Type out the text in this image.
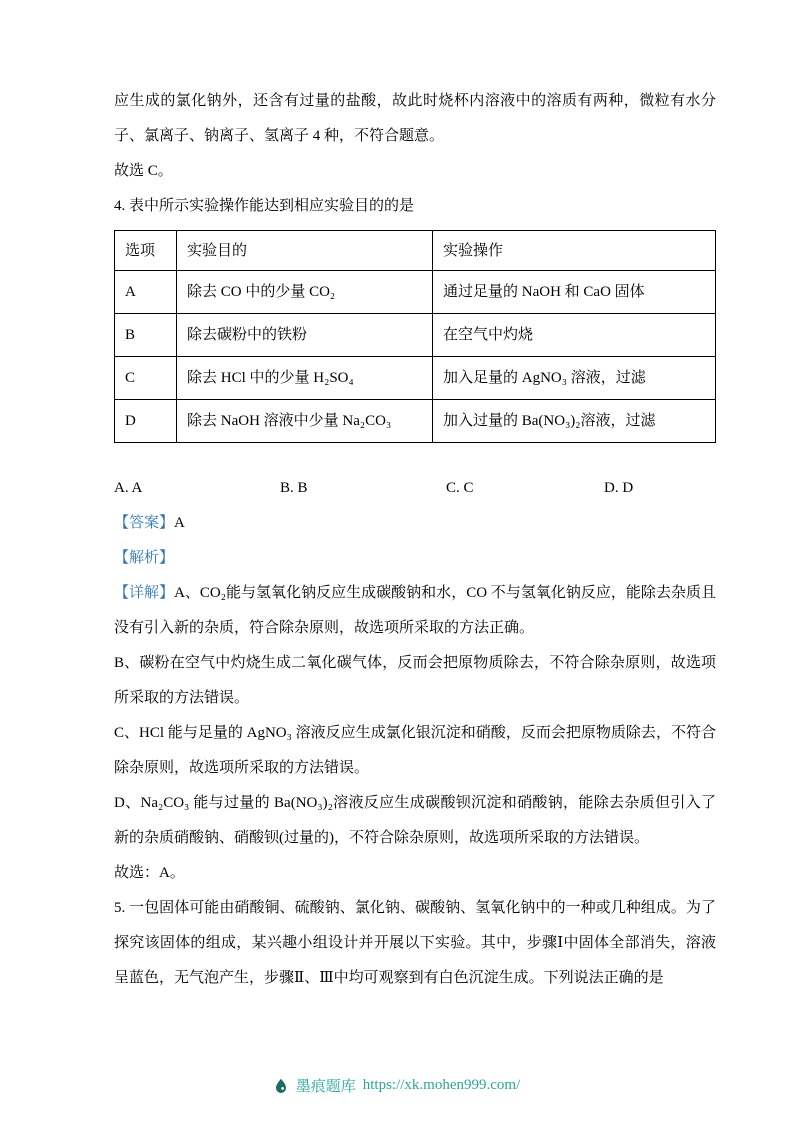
应生成的氯化钠外，还含有过量的盐酸，故此时烧杯内溶液中的溶质有两种，微粒有水分子、氯离子、钠离子、氢离子 4 种，不符合题意。

故选 C。

4. 表中所示实验操作能达到相应实验目的的是

选项	实验目的	实验操作
A	除去 CO 中的少量 CO₂	通过足量的 NaOH 和 CaO 固体
B	除去碳粉中的铁粉	在空气中灼烧
C	除去 HCl 中的少量 H₂SO₄	加入足量的 AgNO₃ 溶液，过滤
D	除去 NaOH 溶液中少量 Na₂CO₃	加入过量的 Ba(NO₃)₂溶液，过滤
A. A	B. B	C. C	D. D

【答案】A

【解析】

【详解】A、CO₂能与氢氧化钠反应生成碳酸钠和水，CO 不与氢氧化钠反应，能除去杂质且没有引入新的杂质，符合除杂原则，故选项所采取的方法正确。

B、碳粉在空气中灼烧生成二氧化碳气体，反而会把原物质除去，不符合除杂原则，故选项所采取的方法错误。

C、HCl 能与足量的 AgNO₃ 溶液反应生成氯化银沉淀和硝酸，反而会把原物质除去，不符合除杂原则，故选项所采取的方法错误。

D、Na₂CO₃ 能与过量的 Ba(NO₃)₂溶液反应生成碳酸钡沉淀和硝酸钠，能除去杂质但引入了新的杂质硝酸钠、硝酸钡(过量的)，不符合除杂原则，故选项所采取的方法错误。

故选：A。

5. 一包固体可能由硝酸铜、硫酸钠、氯化钠、碳酸钠、氢氧化钠中的一种或几种组成。为了探究该固体的组成，某兴趣小组设计并开展以下实验。其中，步骤Ⅰ中固体全部消失，溶液呈蓝色，无气泡产生，步骤Ⅱ、Ⅲ中均可观察到有白色沉淀生成。下列说法正确的是

墨痕题库 https://xk.mohen999.com/
